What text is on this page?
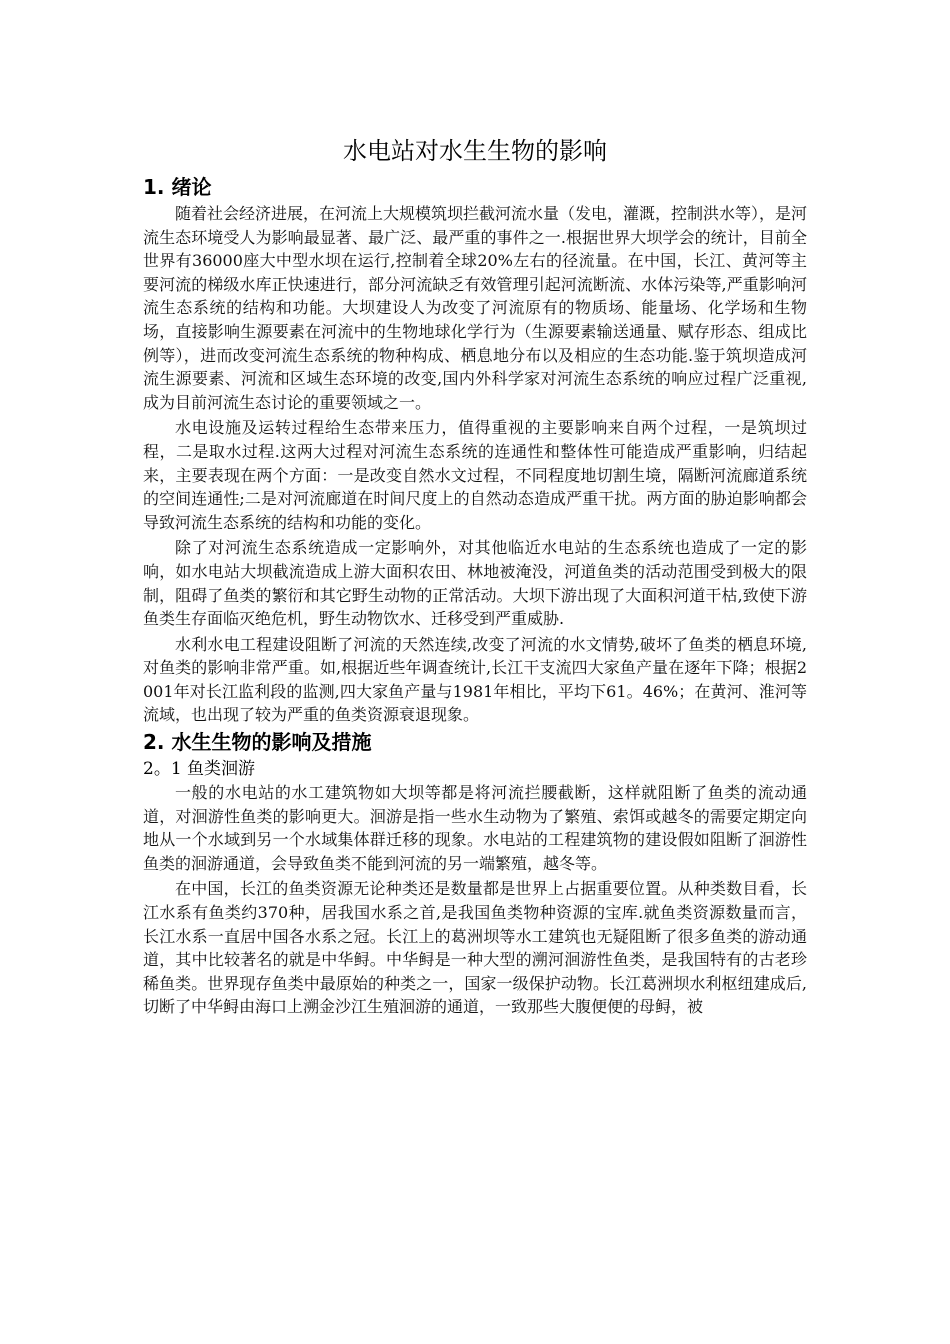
水电站对水生生物的影响
1. 绪论

随着社会经济进展，在河流上大规模筑坝拦截河流水量（发电，灌溉，控制洪水等），是河流生态环境受人为影响最显著、最广泛、最严重的事件之一.根据世界大坝学会的统计，目前全世界有36000座大中型水坝在运行,控制着全球20%左右的径流量。在中国，长江、黄河等主要河流的梯级水库正快速进行，部分河流缺乏有效管理引起河流断流、水体污染等,严重影响河流生态系统的结构和功能。大坝建设人为改变了河流原有的物质场、能量场、化学场和生物场，直接影响生源要素在河流中的生物地球化学行为（生源要素输送通量、赋存形态、组成比例等），进而改变河流生态系统的物种构成、栖息地分布以及相应的生态功能.鉴于筑坝造成河流生源要素、河流和区域生态环境的改变,国内外科学家对河流生态系统的响应过程广泛重视,成为目前河流生态讨论的重要领域之一。

水电设施及运转过程给生态带来压力，值得重视的主要影响来自两个过程，一是筑坝过程，二是取水过程.这两大过程对河流生态系统的连通性和整体性可能造成严重影响，归结起来，主要表现在两个方面：一是改变自然水文过程，不同程度地切割生境，隔断河流廊道系统的空间连通性;二是对河流廊道在时间尺度上的自然动态造成严重干扰。两方面的胁迫影响都会导致河流生态系统的结构和功能的变化。

除了对河流生态系统造成一定影响外，对其他临近水电站的生态系统也造成了一定的影响，如水电站大坝截流造成上游大面积农田、林地被淹没，河道鱼类的活动范围受到极大的限制，阻碍了鱼类的繁衍和其它野生动物的正常活动。大坝下游出现了大面积河道干枯,致使下游鱼类生存面临灭绝危机，野生动物饮水、迁移受到严重威胁.

水利水电工程建设阻断了河流的天然连续,改变了河流的水文情势,破坏了鱼类的栖息环境,对鱼类的影响非常严重。如,根据近些年调查统计,长江干支流四大家鱼产量在逐年下降；根据2001年对长江监利段的监测,四大家鱼产量与1981年相比，平均下61。46%；在黄河、淮河等流域，也出现了较为严重的鱼类资源衰退现象。

2. 水生生物的影响及措施
2。1 鱼类洄游

一般的水电站的水工建筑物如大坝等都是将河流拦腰截断，这样就阻断了鱼类的流动通道，对洄游性鱼类的影响更大。洄游是指一些水生动物为了繁殖、索饵或越冬的需要定期定向地从一个水域到另一个水域集体群迁移的现象。水电站的工程建筑物的建设假如阻断了洄游性鱼类的洄游通道，会导致鱼类不能到河流的另一端繁殖，越冬等。

在中国，长江的鱼类资源无论种类还是数量都是世界上占据重要位置。从种类数目看，长江水系有鱼类约370种，居我国水系之首,是我国鱼类物种资源的宝库.就鱼类资源数量而言，长江水系一直居中国各水系之冠。长江上的葛洲坝等水工建筑也无疑阻断了很多鱼类的游动通道，其中比较著名的就是中华鲟。中华鲟是一种大型的溯河洄游性鱼类，是我国特有的古老珍稀鱼类。世界现存鱼类中最原始的种类之一，国家一级保护动物。长江葛洲坝水利枢纽建成后,切断了中华鲟由海口上溯金沙江生殖洄游的通道，一致那些大腹便便的母鲟，被
